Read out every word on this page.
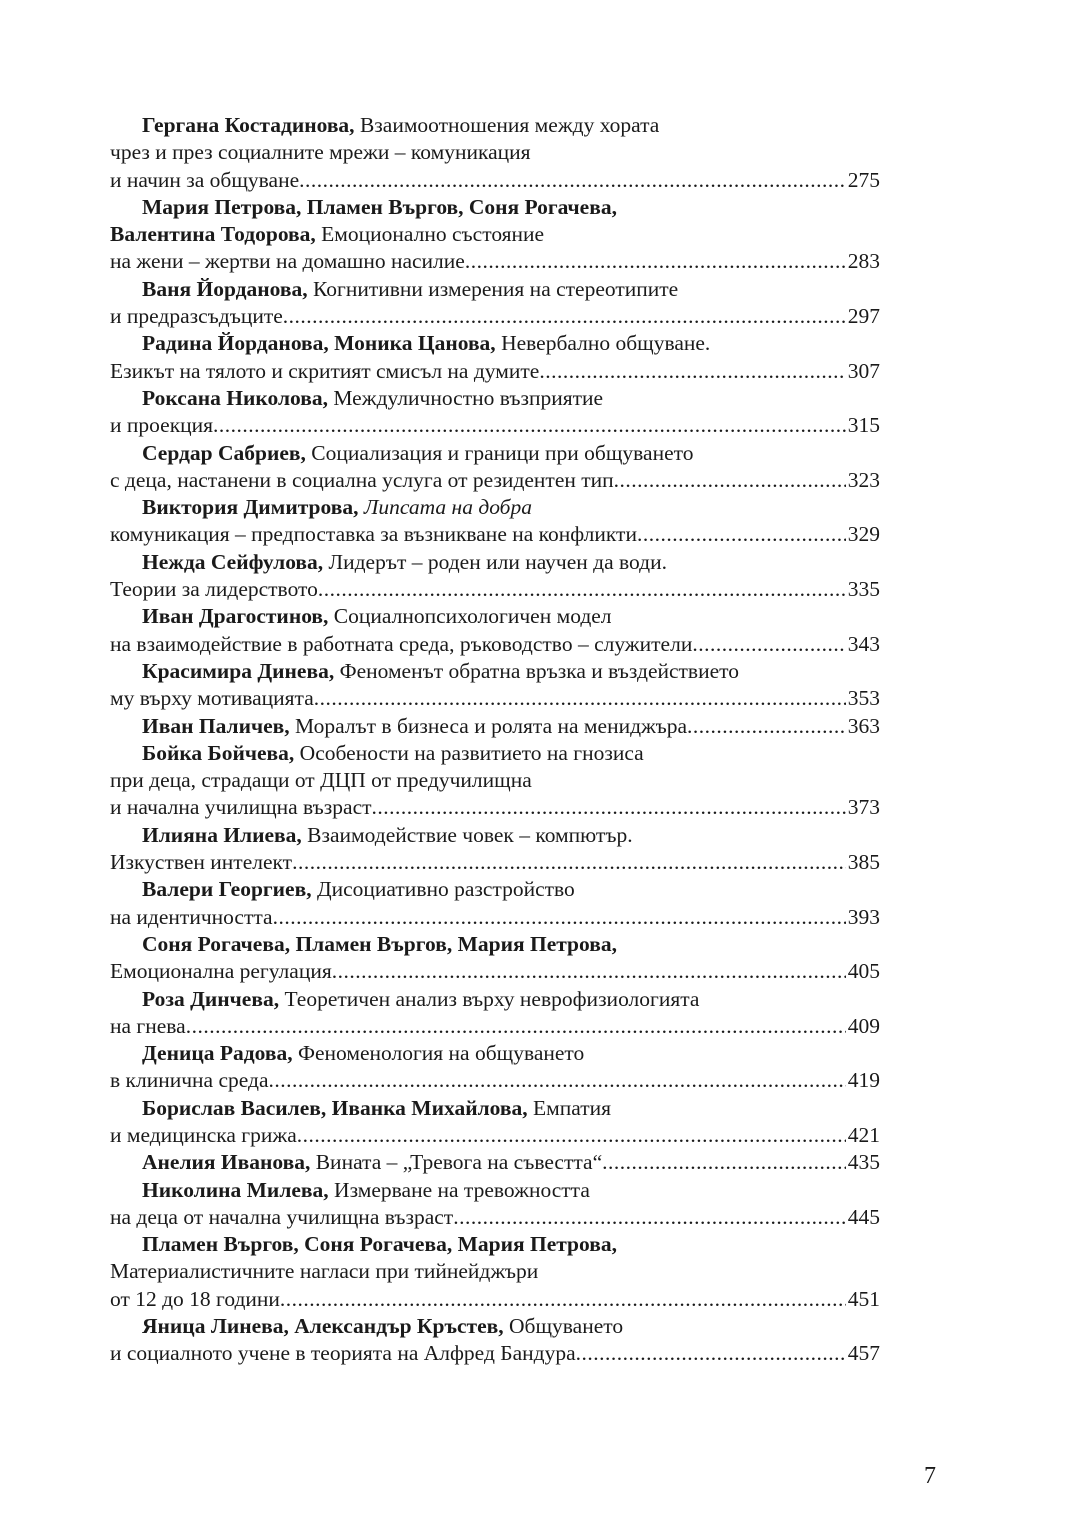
Гергана Костадинова, Взаимоотношения между хората
чрез и през социалните мрежи – комуникация
и начин за общуване .....	275
Мария Петрова, Пламен Въргов, Соня Рогачева,
Валентина Тодорова, Емоционално състояние
на жени – жертви на домашно насилие .....	283
Ваня Йорданова, Когнитивни измерения на стереотипите
и предразсъдъците .....	297
Радина Йорданова, Моника Цанова, Невербално общуване.
Езикът на тялото и скритият смисъл на думите .....	307
Роксана Николова, Междуличностно възприятие
и проекция .....	315
Сердар Сабриев, Социализация и граници при общуването
с деца, настанени в социална услуга от резидентен тип .....	323
Виктория Димитрова, Липсата на добра
комуникация – предпоставка за възникване на конфликти .....	329
Нежда Сейфулова, Лидерът – роден или научен да води.
Теории за лидерството .....	335
Иван Драгостинов, Социалнопсихологичен модел
на взаимодействие в работната среда, ръководство – служители .....	343
Красимира Динева, Феноменът обратна връзка и въздействието
му върху мотивацията .....	353
Иван Паличев, Моралът в бизнеса и ролята на мениджъра .....	363
Бойка Бойчева, Особености на развитието на гнозиса
при деца, страдащи от ДЦП от предучилищна
и начална училищна възраст .....	373
Илияна Илиева, Взаимодействие човек – компютър.
Изкуствен интелект .....	385
Валери Георгиев, Дисоциативно разстройство
на идентичността .....	393
Соня Рогачева, Пламен Въргов, Мария Петрова,
Емоционална регулация .....	405
Роза Динчева, Теоретичен анализ върху неврофизиологията
на гнева .....	409
Деница Радова, Феноменология на общуването
в клинична среда .....	419
Борислав Василев, Иванка Михайлова, Емпатия
и медицинска грижа .....	421
Анелия Иванова, Вината – „Тревога на съвестта“ .....	435
Николина Милева, Измерване на тревожността
на деца от начална училищна възраст .....	445
Пламен Въргов, Соня Рогачева, Мария Петрова,
Материалистичните нагласи при тийнейджъри
от 12 до 18 години .....	451
Яница Линева, Александър Кръстев, Общуването
и социалното учене в теорията на Алфред Бандура .....	457
7
